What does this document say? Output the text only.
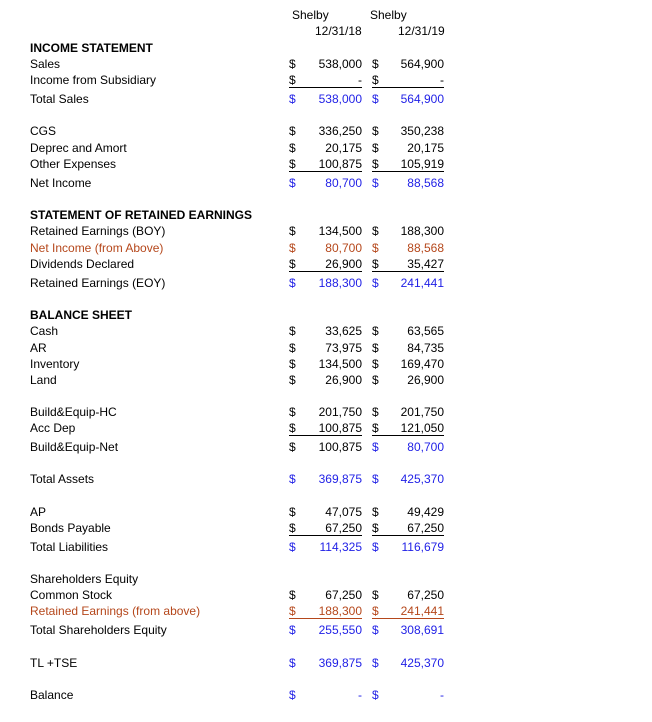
Shelby
12/31/18
Shelby
12/31/19
INCOME STATEMENT
Sales	$ 538,000 $ 564,900
Income from Subsidiary	$	- $	-
Total Sales	$ 538,000 $ 564,900
CGS	$ 336,250 $ 350,238
Deprec and Amort	$ 20,175 $ 20,175
Other Expenses	$ 100,875 $ 105,919
Net Income	$ 80,700 $ 88,568
STATEMENT OF RETAINED EARNINGS
Retained Earnings (BOY)	$ 134,500 $ 188,300
Net Income (from Above)	$ 80,700 $ 88,568
Dividends Declared	$ 26,900 $ 35,427
Retained Earnings (EOY)	$ 188,300 $ 241,441
BALANCE SHEET
Cash	$ 33,625 $ 63,565
AR	$ 73,975 $ 84,735
Inventory	$ 134,500 $ 169,470
Land	$ 26,900 $ 26,900
Build&Equip-HC	$ 201,750 $ 201,750
Acc Dep	$ 100,875 $ 121,050
Build&Equip-Net	$ 100,875 $ 80,700
Total Assets	$ 369,875 $ 425,370
AP	$ 47,075 $ 49,429
Bonds Payable	$ 67,250 $ 67,250
Total Liabilities	$ 114,325 $ 116,679
Shareholders Equity
Common Stock	$ 67,250 $ 67,250
Retained Earnings (from above)	$ 188,300 $ 241,441
Total Shareholders Equity	$ 255,550 $ 308,691
TL +TSE	$ 369,875 $ 425,370
Balance	$	- $	-
